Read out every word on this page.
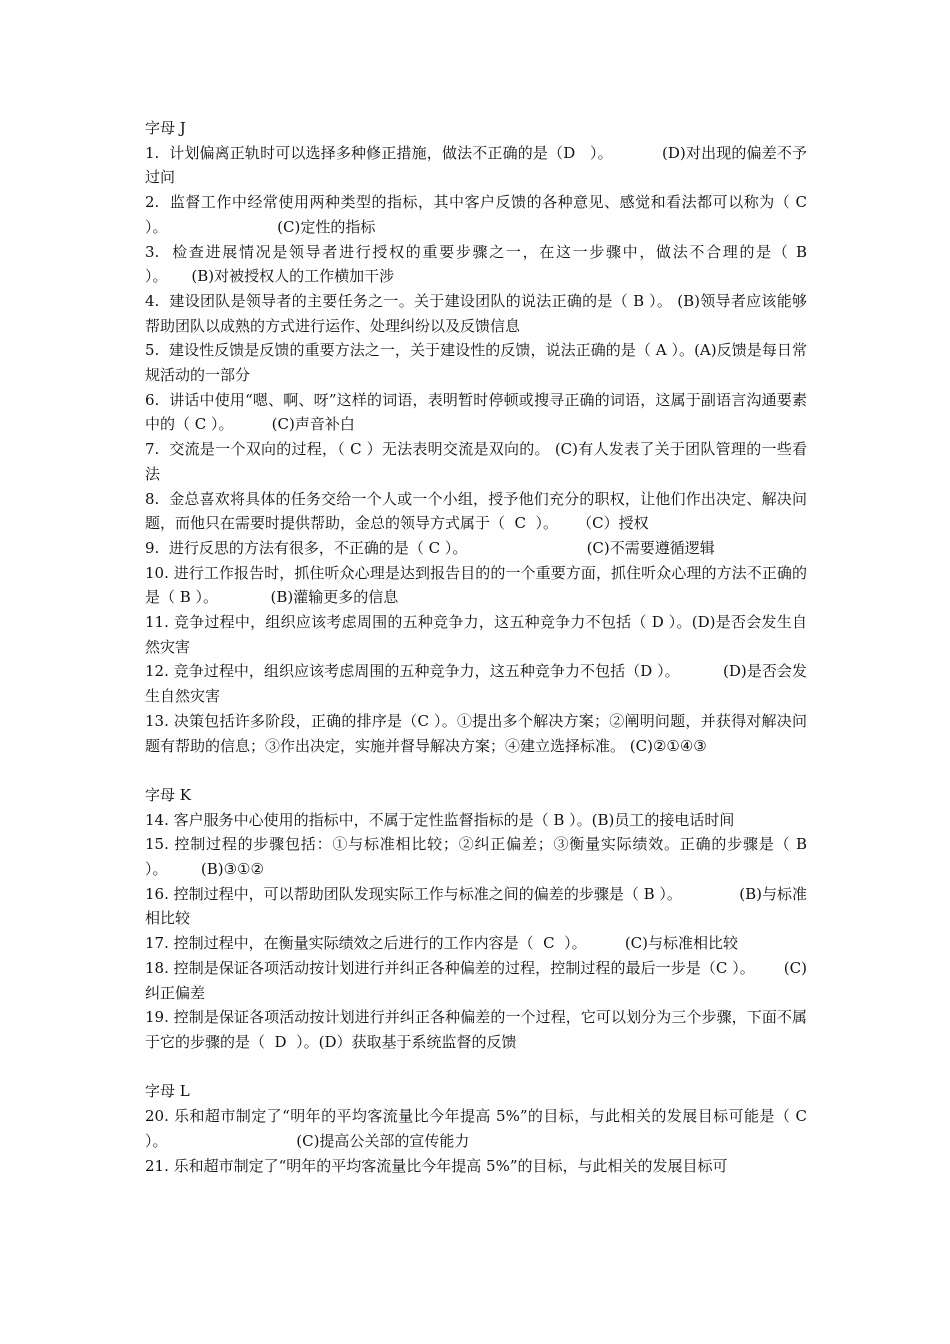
字母 J

1.  计划偏离正轨时可以选择多种修正措施，做法不正确的是（D   ）。          (D)对出现的偏差不予过问

2.  监督工作中经常使用两种类型的指标，其中客户反馈的各种意见、感觉和看法都可以称为（ C ）。                       (C)定性的指标

3.  检查进展情况是领导者进行授权的重要步骤之一，在这一步骤中，做法不合理的是（ B ）。     (B)对被授权人的工作横加干涉

4.  建设团队是领导者的主要任务之一。关于建设团队的说法正确的是（ B ）。 (B)领导者应该能够帮助团队以成熟的方式进行运作、处理纠纷以及反馈信息

5.  建设性反馈是反馈的重要方法之一，关于建设性的反馈，说法正确的是（ A ）。(A)反馈是每日常规活动的一部分

6.  讲话中使用“嗯、啊、呀”这样的词语，表明暂时停顿或搜寻正确的词语，这属于副语言沟通要素中的（ C ）。        (C)声音补白

7.  交流是一个双向的过程，（ C ）无法表明交流是双向的。 (C)有人发表了关于团队管理的一些看法

8.  金总喜欢将具体的任务交给一个人或一个小组，授予他们充分的职权，让他们作出决定、解决问题，而他只在需要时提供帮助，金总的领导方式属于（  C  ）。    （C）授权

9.  进行反思的方法有很多，不正确的是（ C ）。                         (C)不需要遵循逻辑

10. 进行工作报告时，抓住听众心理是达到报告目的的一个重要方面，抓住听众心理的方法不正确的是（ B ）。           (B)灌输更多的信息

11. 竞争过程中，组织应该考虑周围的五种竞争力，这五种竞争力不包括（ D ）。(D)是否会发生自然灾害

12. 竞争过程中，组织应该考虑周围的五种竞争力，这五种竞争力不包括（D ）。         (D)是否会发生自然灾害

13. 决策包括许多阶段，正确的排序是（C ）。①提出多个解决方案；②阐明问题，并获得对解决问题有帮助的信息；③作出决定，实施并督导解决方案；④建立选择标准。 (C)②①④③

字母 K

14. 客户服务中心使用的指标中，不属于定性监督指标的是（ B ）。(B)员工的接电话时间

15. 控制过程的步骤包括：①与标准相比较；②纠正偏差；③衡量实际绩效。正确的步骤是（ B ）。       (B)③①②

16. 控制过程中，可以帮助团队发现实际工作与标准之间的偏差的步骤是（ B ）。            (B)与标准相比较

17. 控制过程中，在衡量实际绩效之后进行的工作内容是（  C  ）。        (C)与标准相比较

18. 控制是保证各项活动按计划进行并纠正各种偏差的过程，控制过程的最后一步是（C ）。      (C)纠正偏差

19. 控制是保证各项活动按计划进行并纠正各种偏差的一个过程，它可以划分为三个步骤，下面不属于它的步骤的是（  D  ）。(D）获取基于系统监督的反馈

字母 L

20. 乐和超市制定了“明年的平均客流量比今年提高 5%”的目标，与此相关的发展目标可能是（ C ）。                           (C)提高公关部的宣传能力

21. 乐和超市制定了“明年的平均客流量比今年提高 5%”的目标，与此相关的发展目标可
